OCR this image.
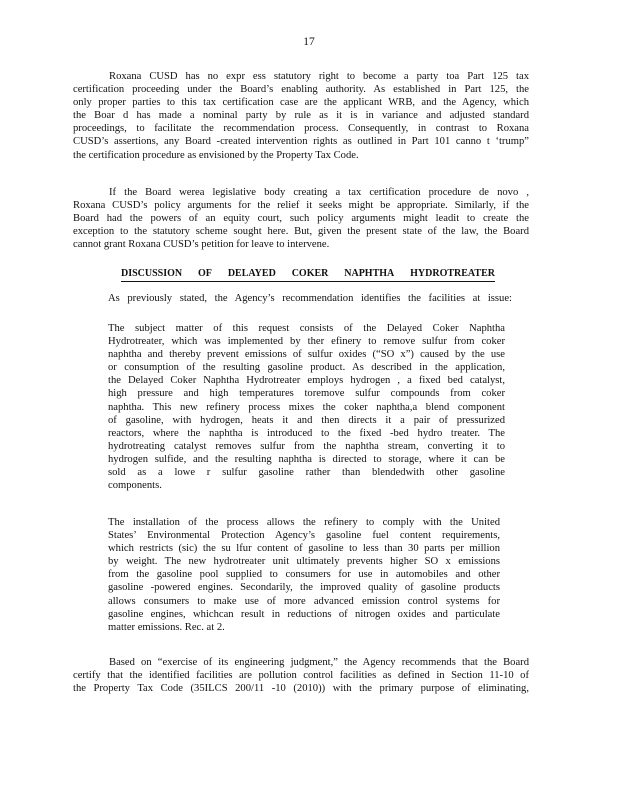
17
Roxana CUSD has no expr ess statutory right to become a party toa Part 125 tax
certification proceeding under the Board’s enabling authority. As established in Part 125, the
only proper parties to this tax certification case are the applicant WRB, and the Agency, which
the Boar d has made a nominal party by rule as it is in variance and adjusted standard
proceedings, to facilitate the recommendation process. Consequently, in contrast to Roxana
CUSD’s assertions, any Board -created intervention rights as outlined in Part 101 canno t ‘trump”
the certification procedure as envisioned by the Property Tax Code.
If the Board werea legislative body creating a tax certification procedure de novo ,
Roxana CUSD’s policy arguments for the relief it seeks might be appropriate. Similarly, if the
Board had the powers of an equity court, such policy arguments might leadit to create the
exception to the statutory scheme sought here. But, given the present state of the law, the Board
cannot grant Roxana CUSD’s petition for leave to intervene.
DISCUSSION OF DELAYED COKER NAPHTHA HYDROTREATER
As previously stated, the Agency’s recommendation identifies the facilities at issue:
The subject matter of this request consists of the Delayed Coker Naphtha
Hydrotreater, which was implemented by ther efinery to remove sulfur from coker
naphtha and thereby prevent emissions of sulfur oxides (“SO x”) caused by the use
or consumption of the resulting gasoline product. As described in the application,
the Delayed Coker Naphtha Hydrotreater employs hydrogen , a fixed bed catalyst,
high pressure and high temperatures toremove sulfur compounds from coker
naphtha. This new refinery process mixes the coker naphtha,a blend component
of gasoline, with hydrogen, heats it and then directs it a pair of pressurized
reactors, where the naphtha is introduced to the fixed -bed hydro treater. The
hydrotreating catalyst removes sulfur from the naphtha stream, converting it to
hydrogen sulfide, and the resulting naphtha is directed to storage, where it can be
sold as a lowe r sulfur gasoline rather than blendedwith other gasoline
components.
The installation of the process allows the refinery to comply with the United
States’ Environmental Protection Agency’s gasoline fuel content requirements,
which restricts (sic) the su lfur content of gasoline to less than 30 parts per million
by weight. The new hydrotreater unit ultimately prevents higher SO x emissions
from the gasoline pool supplied to consumers for use in automobiles and other
gasoline -powered engines. Secondarily, the improved quality of gasoline products
allows consumers to make use of more advanced emission control systems for
gasoline engines, whichcan result in reductions of nitrogen oxides and particulate
matter emissions. Rec. at 2.
Based on “exercise of its engineering judgment,” the Agency recommends that the Board
certify that the identified facilities are pollution control facilities as defined in Section 11-10 of
the Property Tax Code (35ILCS 200/11 -10 (2010)) with the primary purpose of eliminating,
